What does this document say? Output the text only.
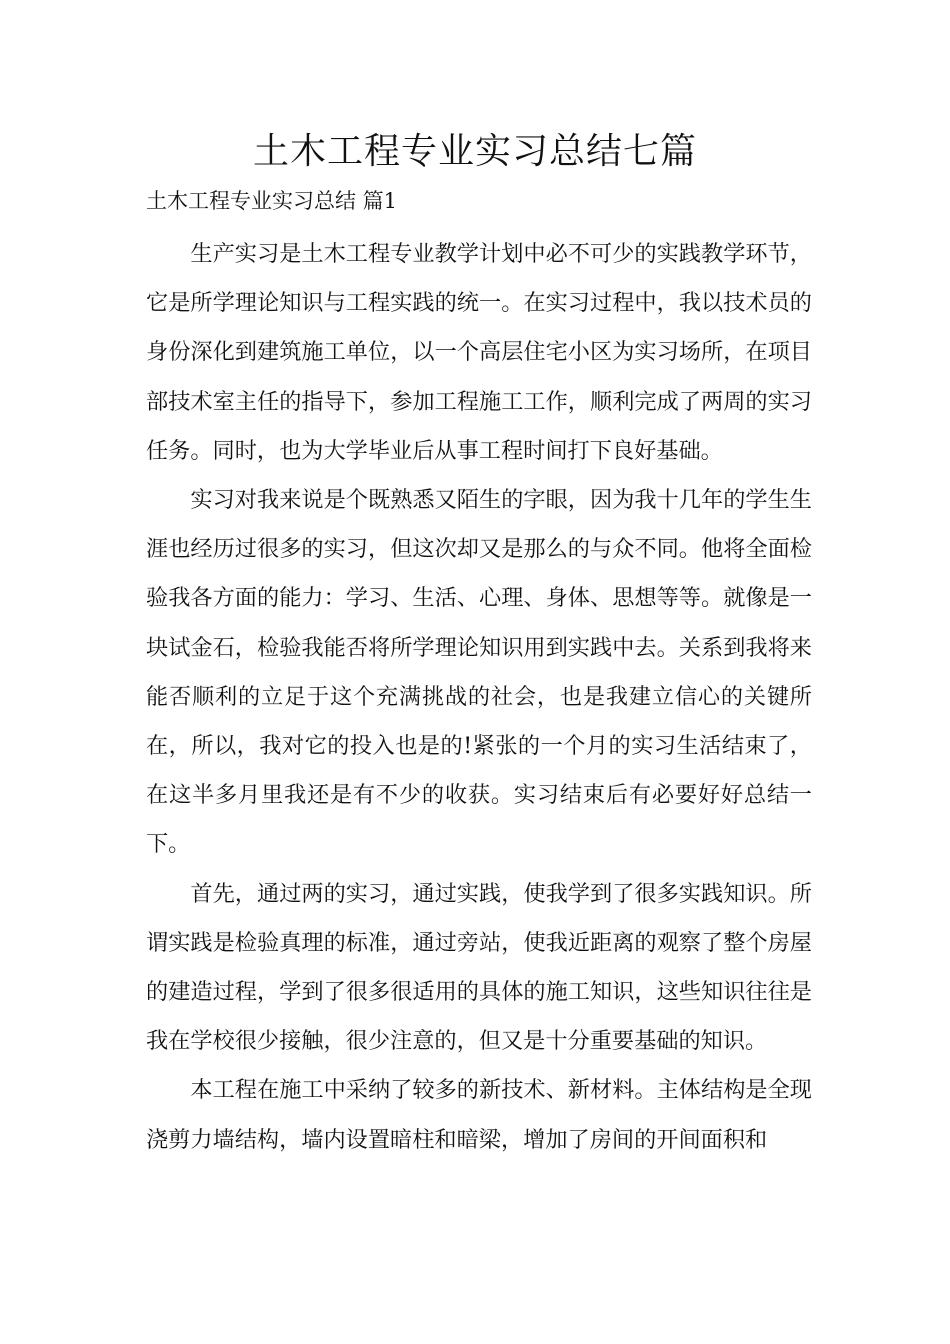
土木工程专业实习总结七篇
土木工程专业实习总结 篇1

生产实习是土木工程专业教学计划中必不可少的实践教学环节，它是所学理论知识与工程实践的统一。在实习过程中，我以技术员的身份深化到建筑施工单位，以一个高层住宅小区为实习场所，在项目部技术室主任的指导下，参加工程施工工作，顺利完成了两周的实习任务。同时，也为大学毕业后从事工程时间打下良好基础。

实习对我来说是个既熟悉又陌生的字眼，因为我十几年的学生生涯也经历过很多的实习，但这次却又是那么的与众不同。他将全面检验我各方面的能力：学习、生活、心理、身体、思想等等。就像是一块试金石，检验我能否将所学理论知识用到实践中去。关系到我将来能否顺利的立足于这个充满挑战的社会，也是我建立信心的关键所在，所以，我对它的投入也是的!紧张的一个月的实习生活结束了，在这半多月里我还是有不少的收获。实习结束后有必要好好总结一下。

首先，通过两的实习，通过实践，使我学到了很多实践知识。所谓实践是检验真理的标准，通过旁站，使我近距离的观察了整个房屋的建造过程，学到了很多很适用的具体的施工知识，这些知识往往是我在学校很少接触，很少注意的，但又是十分重要基础的知识。

本工程在施工中采纳了较多的新技术、新材料。主体结构是全现浇剪力墙结构，墙内设置暗柱和暗梁，增加了房间的开间面积和
